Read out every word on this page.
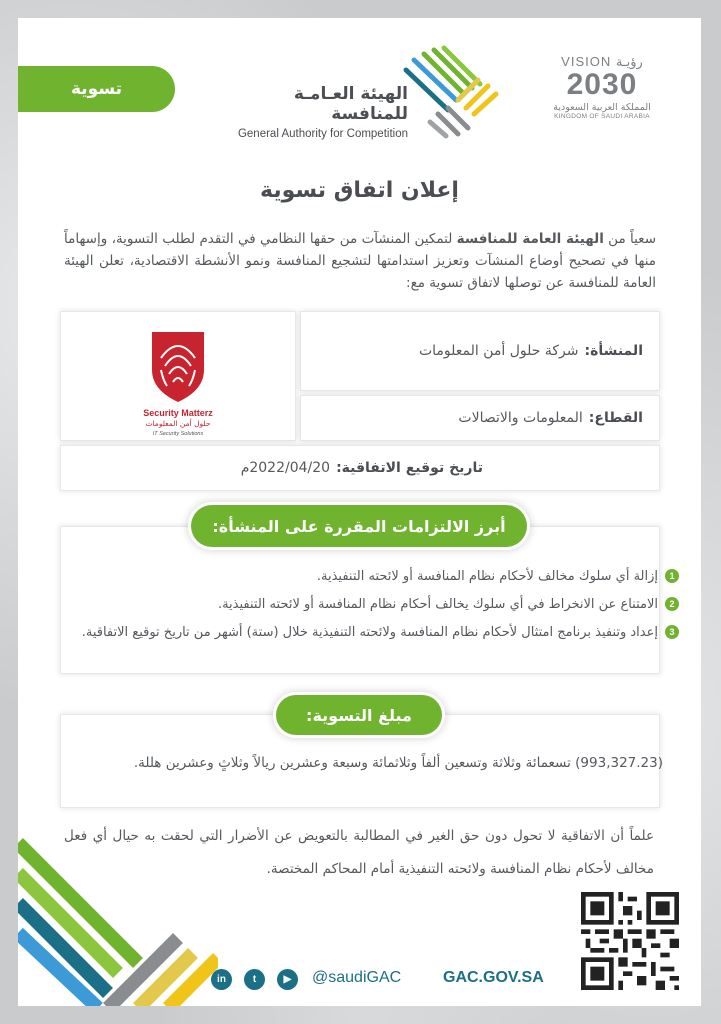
تسوية	الهيئة العـامـة للمنافسة
General Authority for Competition
VISION رؤيـة
2030
المملكة العربية السعودية
KINGDOM OF SAUDI ARABIA
إعلان اتفاق تسوية
سعياً من الهيئة العامة للمنافسة لتمكين المنشآت من حقها النظامي في التقدم لطلب التسوية، وإسهاماً منها في تصحيح أوضاع المنشآت وتعزيز استدامتها لتشجيع المنافسة ونمو الأنشطة الاقتصادية، تعلن الهيئة العامة للمنافسة عن توصلها لاتفاق تسوية مع:
المنشأة:
شركة حلول أمن المعلومات
القطاع:
المعلومات والاتصالات
Security Matterz
حلول أمن المعلومات
IT Security Solutions
تاريخ توقيع الاتفاقية:
2022/04/20م
أبرز الالتزامات المقررة على المنشأة:
1
إزالة أي سلوك مخالف لأحكام نظام المنافسة أو لائحته التنفيذية.
2
الامتناع عن الانخراط في أي سلوك يخالف أحكام نظام المنافسة أو لائحته التنفيذية.
3
إعداد وتنفيذ برنامج امتثال لأحكام نظام المنافسة ولائحته التنفيذية خلال (ستة) أشهر من تاريخ توقيع الاتفاقية.
مبلغ التسوية:
(993,327.23) تسعمائة وثلاثة وتسعين ألفاً وثلاثمائة وسبعة وعشرين ريالاً وثلاثٍ وعشرين هللة.
علماً أن الاتفاقية لا تحول دون حق الغير في المطالبة بالتعويض عن الأضرار التي لحقت به حيال أي فعل مخالف لأحكام نظام المنافسة ولائحته التنفيذية أمام المحاكم المختصة.
in	t	▶	@saudiGAC	GAC.GOV.SA
